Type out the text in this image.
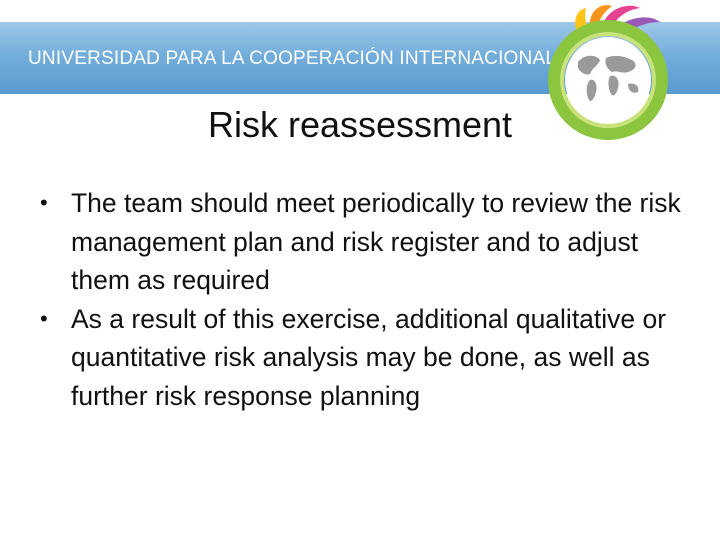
UNIVERSIDAD PARA LA COOPERACIÓN INTERNACIONAL
Risk reassessment
• The team should meet periodically to review the risk management plan and risk register and to adjust them as required
• As a result of this exercise, additional qualitative or quantitative risk analysis may be done, as well as further risk response planning
